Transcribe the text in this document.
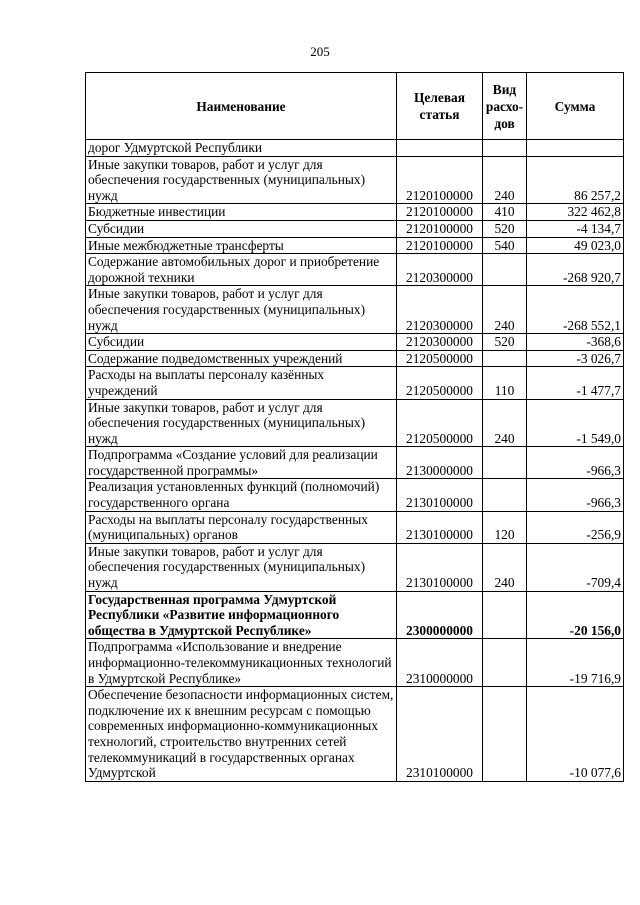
205
Наименование	Целевая статья	Вид расхо-дов	Сумма
дорог Удмуртской Республики			
Иные закупки товаров, работ и услуг для обеспечения государственных (муниципальных) нужд	2120100000	240	86 257,2
Бюджетные инвестиции	2120100000	410	322 462,8
Субсидии	2120100000	520	-4 134,7
Иные межбюджетные трансферты	2120100000	540	49 023,0
Содержание автомобильных дорог и приобретение дорожной техники	2120300000		-268 920,7
Иные закупки товаров, работ и услуг для обеспечения государственных (муниципальных) нужд	2120300000	240	-268 552,1
Субсидии	2120300000	520	-368,6
Содержание подведомственных учреждений	2120500000		-3 026,7
Расходы на выплаты персоналу казённых учреждений	2120500000	110	-1 477,7
Иные закупки товаров, работ и услуг для обеспечения государственных (муниципальных) нужд	2120500000	240	-1 549,0
Подпрограмма «Создание условий для реализации государственной программы»	2130000000		-966,3
Реализация установленных функций (полномочий) государственного органа	2130100000		-966,3
Расходы на выплаты персоналу государственных (муниципальных) органов	2130100000	120	-256,9
Иные закупки товаров, работ и услуг для обеспечения государственных (муниципальных) нужд	2130100000	240	-709,4
Государственная программа Удмуртской Республики «Развитие информационного общества в Удмуртской Республике»	2300000000		-20 156,0
Подпрограмма «Использование и внедрение информационно-телекоммуникационных технологий в Удмуртской Республике»	2310000000		-19 716,9
Обеспечение безопасности информационных систем, подключение их к внешним ресурсам с помощью современных информационно-коммуникационных технологий, строительство внутренних сетей телекоммуникаций в государственных органах Удмуртской	2310100000		-10 077,6
